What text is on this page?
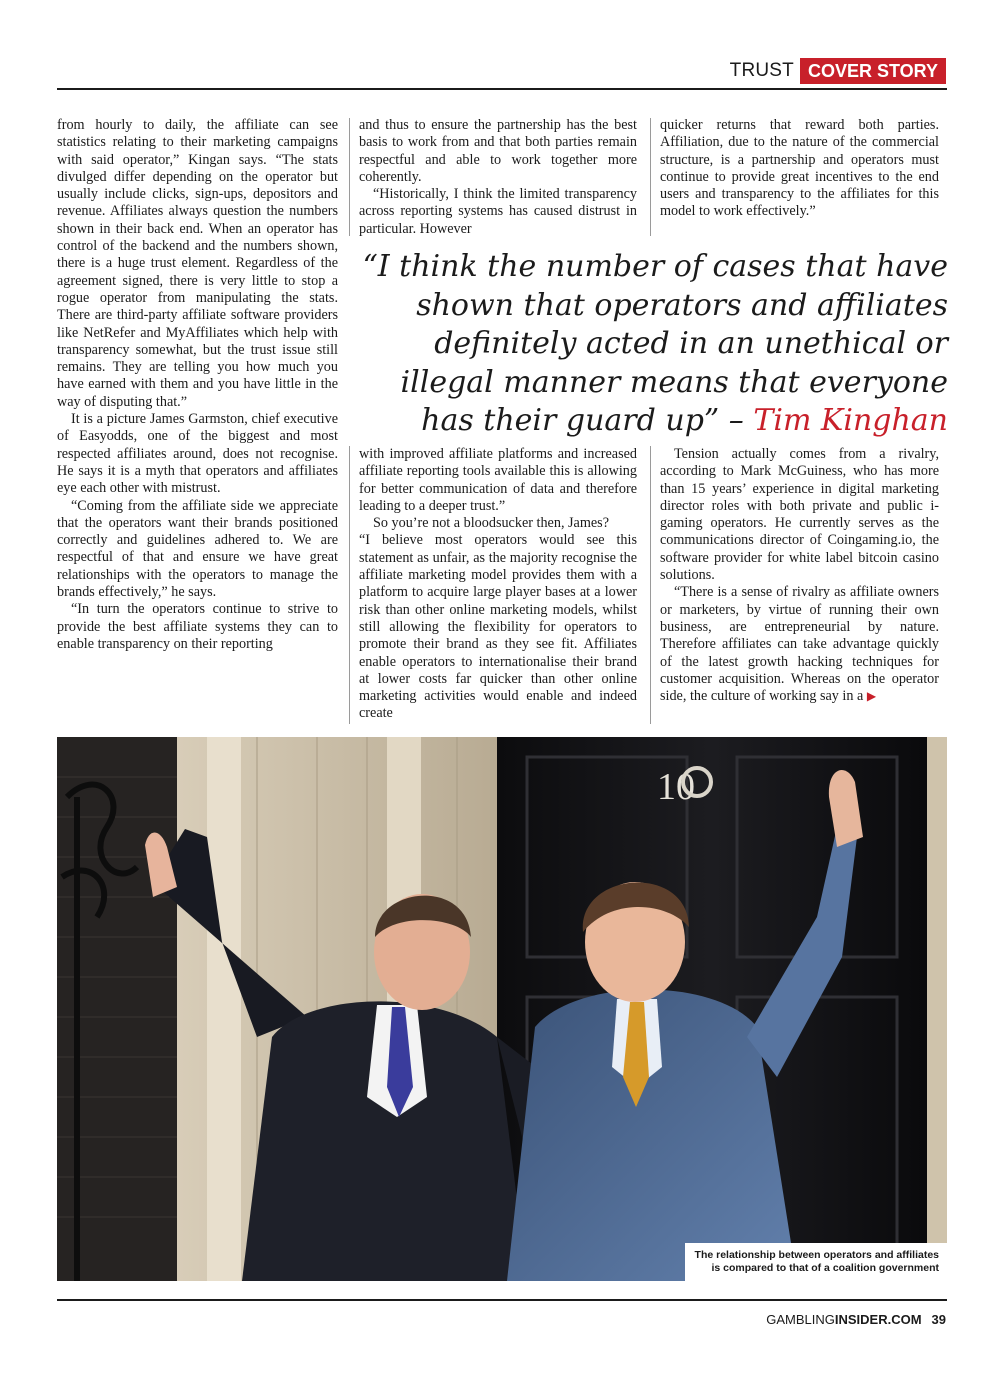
TRUST COVER STORY

from hourly to daily, the affiliate can see statistics relating to their marketing campaigns with said operator,” Kingan says. “The stats divulged differ depending on the operator but usually include clicks, sign-ups, depositors and revenue. Affiliates always question the numbers shown in their back end. When an operator has control of the backend and the numbers shown, there is a huge trust element. Regardless of the agreement signed, there is very little to stop a rogue operator from manipulating the stats. There are third-party affiliate software providers like NetRefer and MyAffiliates which help with transparency somewhat, but the trust issue still remains. They are telling you how much you have earned with them and you have little in the way of disputing that.”

It is a picture James Garmston, chief executive of Easyodds, one of the biggest and most respected affiliates around, does not recognise. He says it is a myth that operators and affiliates eye each other with mistrust.

“Coming from the affiliate side we appreciate that the operators want their brands positioned correctly and guidelines adhered to. We are respectful of that and ensure we have great relationships with the operators to manage the brands effectively,” he says.

“In turn the operators continue to strive to provide the best affiliate systems they can to enable transparency on their reporting

and thus to ensure the partnership has the best basis to work from and that both parties remain respectful and able to work together more coherently.

“Historically, I think the limited transparency across reporting systems has caused distrust in particular. However

quicker returns that reward both parties. Affiliation, due to the nature of the commercial structure, is a partnership and operators must continue to provide great incentives to the end users and transparency to the affiliates for this model to work effectively.”

“I think the number of cases that have shown that operators and affiliates definitely acted in an unethical or illegal manner means that everyone has their guard up” – Tim Kinghan

with improved affiliate platforms and increased affiliate reporting tools available this is allowing for better communication of data and therefore leading to a deeper trust.”

So you’re not a bloodsucker then, James?

“I believe most operators would see this statement as unfair, as the majority recognise the affiliate marketing model provides them with a platform to acquire large player bases at a lower risk than other online marketing models, whilst still allowing the flexibility for operators to promote their brand as they see fit. Affiliates enable operators to internationalise their brand at lower costs far quicker than other online marketing activities would enable and indeed create

Tension actually comes from a rivalry, according to Mark McGuiness, who has more than 15 years’ experience in digital marketing director roles with both private and public i-gaming operators. He currently serves as the communications director of Coingaming.io, the software provider for white label bitcoin casino solutions.

“There is a sense of rivalry as affiliate owners or marketers, by virtue of running their own business, are entrepreneurial by nature. Therefore affiliates can take advantage quickly of the latest growth hacking techniques for customer acquisition. Whereas on the operator side, the culture of working say in a ▶

10
The relationship between operators and affiliates
is compared to that of a coalition government
GAMBLINGINSIDER.COM 39
